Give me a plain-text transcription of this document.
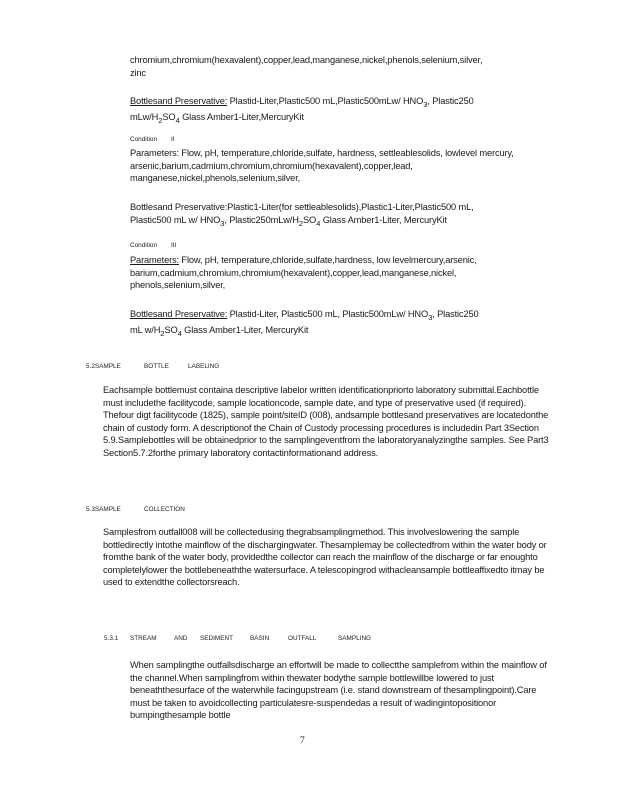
chromium,chromium(hexavalent),copper,lead,manganese,nickel,phenols,selenium,silver,
zinc
Bottlesand Preservative: Plastid-Liter,Plastic500 mL,Plastic500mLw/ $HNO_3$, Plastic250
mLw/$H_2SO_4$ Glass Amber1-Liter,MercuryKit
Condition II
Parameters: Flow, pH, temperature,chloride,sulfate, hardness, settleablesolids, lowlevel mercury, arsenic,barium,cadmium,chromium,chromium(hexavalent),copper,lead, manganese,nickel,phenols,selenium,silver,
Bottlesand Preservative:Plastic1-Liter(for settleablesolids),Plastic1-Liter,Plastic500 mL,
Plastic500 mL w/ $HNO_3$, $Plastic250mLw/H_2SO_4$ Glass Amber1-Liter, MercuryKit
Condition III
Parameters: Flow, pH, temperature,chloride,sulfate,hardness, low levelmercury,arsenic, barium,cadmium,chromium,chromium(hexavalent),copper,lead,manganese,nickel, phenols,selenium,silver,
Bottlesand Preservative: Plastid-Liter, Plastic500 mL, Plastic500mLw/ $HNO_3$, Plastic250
mL $w/H_2SO_4$ Glass Amber1-Liter, MercuryKit
5.2SAMPLE	BOTTLE	LABELING
Eachsample bottlemust containa descriptive labelor written identificationpriorto laboratory submittal.Eachbottle must includethe facilitycode, sample locationcode, sample date, and type of preservative used (if required). Thefour digt facilitycode (1825), sample point/siteID (008), andsample bottlesand preservatives are locatedonthe chain of custody form. A descriptionof the Chain of Custody processing procedures is includedin Part 3Section 5.9.Samplebottles will be obtainedprior to the samplingeventfrom the laboratoryanalyzingthe samples. See Part3 Section5.7.2forthe primary laboratory contactinformationand address.
5.3SAMPLE	COLLECTION
Samplesfrom outfall008 will be collectedusing thegrabsamplingmethod. This involveslowering the sample bottledirectly intothe mainflow of the dischargingwater. Thesamplemay be collectedfrom within the water body or fromthe bank of the water body, providedthe collector can reach the mainflow of the discharge or far enoughto completelylower the bottlebeneaththe watersurface. A telescopingrod withacleansample bottleaffixedto itmay be used to extendthe collectorsreach.
5.3.1 STREAM	AND SEDIMENT	BASIN	OUTFALL	SAMPLING
When samplingthe outfallsdischarge an effortwill be made to collectthe samplefrom within the mainflow of the channel.When samplingfrom within thewater bodythe sample bottlewillbe lowered to just beneaththesurface of the waterwhile facingupstream (i.e. stand downstream of thesamplingpoint).Care must be taken to avoidcollecting particulatesre-suspendedas a result of wadingintopositionor bumpingthesample bottle
7
